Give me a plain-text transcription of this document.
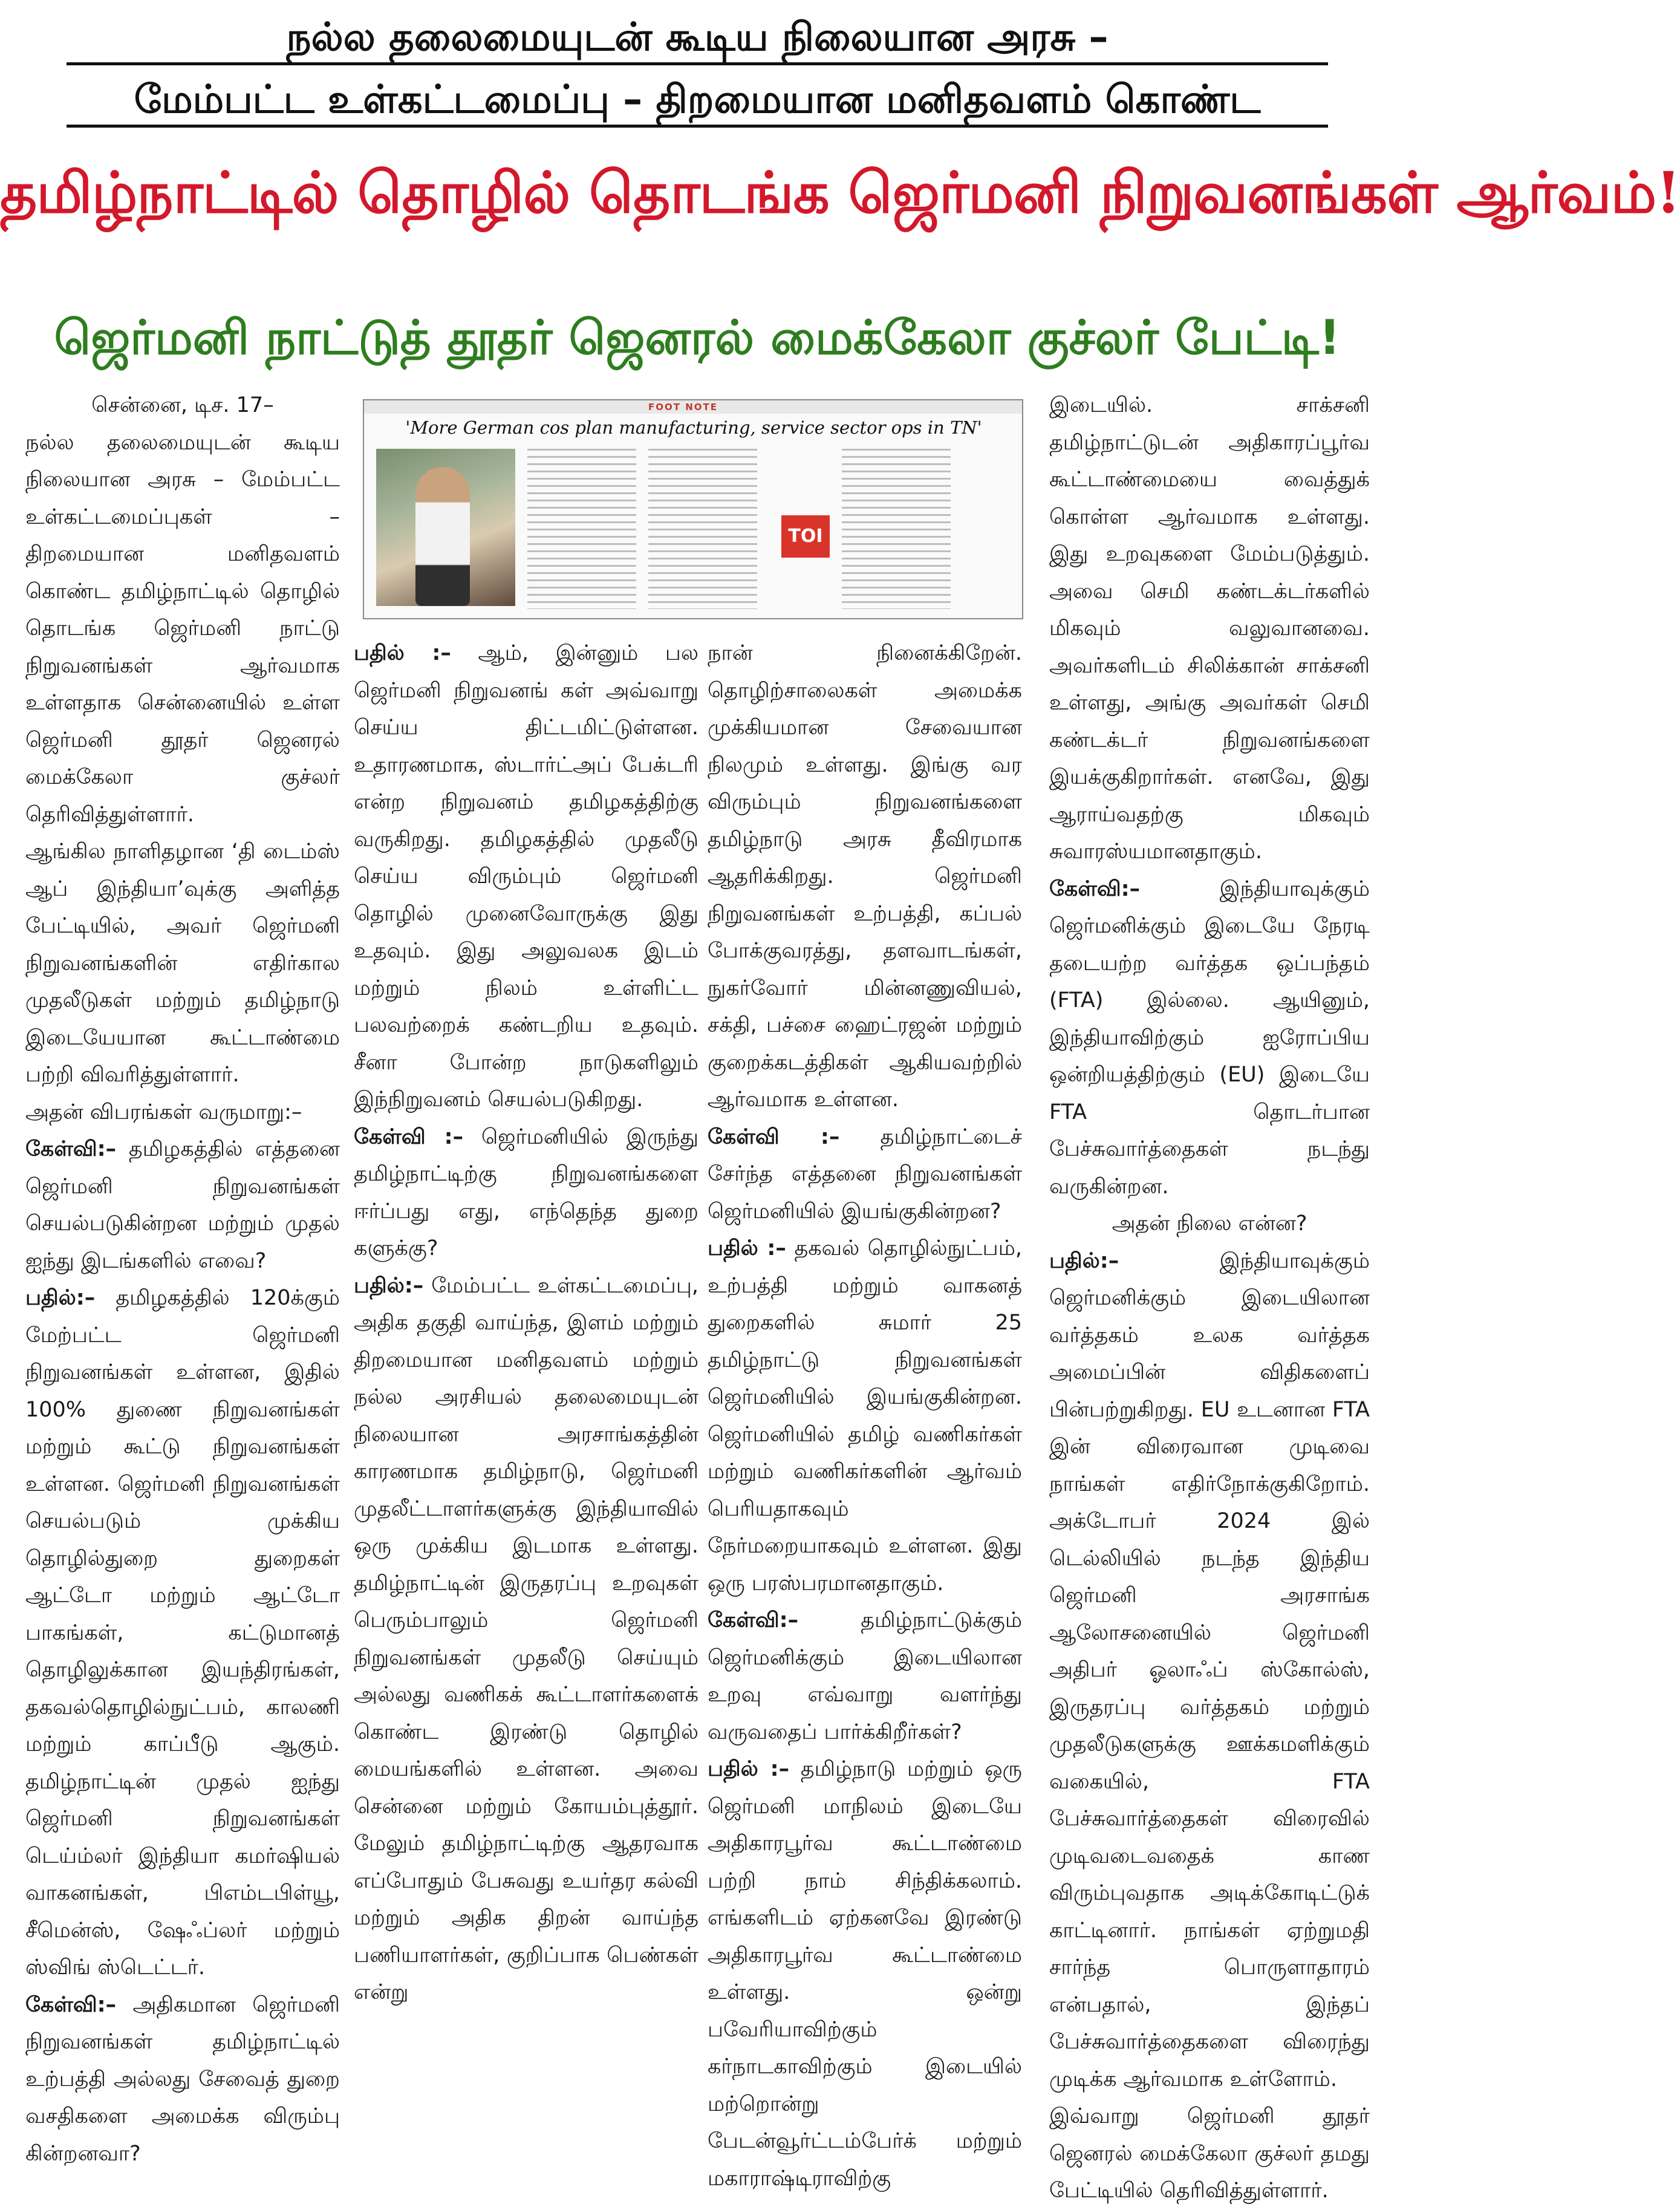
நல்ல தலைமையுடன் கூடிய நிலையான அரசு –
மேம்பட்ட உள்கட்டமைப்பு – திறமையான மனிதவளம் கொண்ட
தமிழ்நாட்டில் தொழில் தொடங்க ஜெர்மனி நிறுவனங்கள் ஆர்வம்!
ஜெர்மனி நாட்டுத் தூதர் ஜெனரல் மைக்கேலா குச்லர் பேட்டி!
FOOT NOTE
'More German cos plan manufacturing, service sector ops in TN'
TOI

சென்னை, டிச. 17–

நல்ல தலைமையுடன் கூடிய நிலையான அரசு – மேம்பட்ட உள்கட்டமைப்புகள் – திறமையான மனிதவளம் கொண்ட தமிழ்நாட்டில் தொழில் தொடங்க ஜெர்மனி நாட்டு நிறுவனங்கள் ஆர்வமாக உள்ளதாக சென்னையில் உள்ள ஜெர்மனி தூதர் ஜெனரல் மைக்கேலா குச்லர் தெரிவித்துள்ளார்.

ஆங்கில நாளிதழான ‘தி டைம்ஸ் ஆப் இந்தியா’வுக்கு அளித்த பேட்டியில், அவர் ஜெர்மனி நிறுவனங்களின் எதிர்கால முதலீடுகள் மற்றும் தமிழ்நாடு இடையேயான கூட்டாண்மை பற்றி விவரித்துள்ளார்.

அதன் விபரங்கள் வருமாறு:–

கேள்வி:– தமிழகத்தில் எத்தனை ஜெர்மனி நிறுவனங்கள் செயல்படுகின்றன மற்றும் முதல் ஐந்து இடங்களில் எவை?

பதில்:– தமிழகத்தில் 120க்கும் மேற்பட்ட ஜெர்மனி நிறுவனங்கள் உள்ளன, இதில் 100% துணை நிறுவனங்கள் மற்றும் கூட்டு நிறுவனங்கள் உள்ளன. ஜெர்மனி நிறுவனங்கள் செயல்படும் முக்கிய தொழில்துறை துறைகள் ஆட்டோ மற்றும் ஆட்டோ பாகங்கள், கட்டுமானத் தொழிலுக்கான இயந்திரங்கள், தகவல்தொழில்நுட்பம், காலணி மற்றும் காப்பீடு ஆகும். தமிழ்நாட்டின் முதல் ஐந்து ஜெர்மனி நிறுவனங்கள் டெய்ம்லர் இந்தியா கமர்ஷியல் வாகனங்கள், பிஎம்டபிள்யூ, சீமென்ஸ், ஷேஃப்லர் மற்றும் ஸ்விங் ஸ்டெட்டர்.

கேள்வி:– அதிகமான ஜெர்மனி நிறுவனங்கள் தமிழ்நாட்டில் உற்பத்தி அல்லது சேவைத் துறை வசதிகளை அமைக்க விரும்பு கின்றனவா?

பதில் :– ஆம், இன்னும் பல ஜெர்மனி நிறுவனங் கள் அவ்வாறு செய்ய திட்டமிட்டுள்ளன. உதாரணமாக, ஸ்டார்ட்அப் பேக்டரி என்ற நிறுவனம் தமிழகத்திற்கு வருகிறது. தமிழகத்தில் முதலீடு செய்ய விரும்பும் ஜெர்மனி தொழில் முனைவோருக்கு இது உதவும். இது அலுவலக இடம் மற்றும் நிலம் உள்ளிட்ட பலவற்றைக் கண்டறிய உதவும். சீனா போன்ற நாடுகளிலும் இந்நிறுவனம் செயல்படுகிறது.

கேள்வி :– ஜெர்மனியில் இருந்து தமிழ்நாட்டிற்கு நிறுவனங்களை ஈர்ப்பது எது, எந்தெந்த துறை களுக்கு?

பதில்:– மேம்பட்ட உள்கட்டமைப்பு, அதிக தகுதி வாய்ந்த, இளம் மற்றும் திறமையான மனிதவளம் மற்றும் நல்ல அரசியல் தலைமையுடன் நிலையான அரசாங்கத்தின் காரணமாக தமிழ்நாடு, ஜெர்மனி முதலீட்டாளர்களுக்கு இந்தியாவில் ஒரு முக்கிய இடமாக உள்ளது. தமிழ்நாட்டின் இருதரப்பு உறவுகள் பெரும்பாலும் ஜெர்மனி நிறுவனங்கள் முதலீடு செய்யும் அல்லது வணிகக் கூட்டாளர்களைக் கொண்ட இரண்டு தொழில் மையங்களில் உள்ளன. அவை சென்னை மற்றும் கோயம்புத்தூர். மேலும் தமிழ்நாட்டிற்கு ஆதரவாக எப்போதும் பேசுவது உயர்தர கல்வி மற்றும் அதிக திறன் வாய்ந்த பணியாளர்கள், குறிப்பாக பெண்கள் என்று

நான் நினைக்கிறேன். தொழிற்சாலைகள் அமைக்க முக்கியமான சேவையான நிலமும் உள்ளது. இங்கு வர விரும்பும் நிறுவனங்களை தமிழ்நாடு அரசு தீவிரமாக ஆதரிக்கிறது. ஜெர்மனி நிறுவனங்கள் உற்பத்தி, கப்பல் போக்குவரத்து, தளவாடங்கள், நுகர்வோர் மின்னணுவியல், சக்தி, பச்சை ஹைட்ரஜன் மற்றும் குறைக்கடத்திகள் ஆகியவற்றில் ஆர்வமாக உள்ளன.

கேள்வி :– தமிழ்நாட்டைச் சேர்ந்த எத்தனை நிறுவனங்கள் ஜெர்மனியில் இயங்குகின்றன?

பதில் :– தகவல் தொழில்நுட்பம், உற்பத்தி மற்றும் வாகனத் துறைகளில் சுமார் 25 தமிழ்நாட்டு நிறுவனங்கள் ஜெர்மனியில் இயங்குகின்றன. ஜெர்மனியில் தமிழ் வணிகர்கள் மற்றும் வணிகர்களின் ஆர்வம் பெரியதாகவும் நேர்மறையாகவும் உள்ளன. இது ஒரு பரஸ்பரமானதாகும்.

கேள்வி:– தமிழ்நாட்டுக்கும் ஜெர்மனிக்கும் இடையிலான உறவு எவ்வாறு வளர்ந்து வருவதைப் பார்க்கிறீர்கள்?

பதில் :– தமிழ்நாடு மற்றும் ஒரு ஜெர்மனி மாநிலம் இடையே அதிகாரபூர்வ கூட்டாண்மை பற்றி நாம் சிந்திக்கலாம். எங்களிடம் ஏற்கனவே இரண்டு அதிகாரபூர்வ கூட்டாண்மை உள்ளது. ஒன்று பவேரியாவிற்கும் கர்நாடகாவிற்கும் இடையில் மற்றொன்று பேடன்வூர்ட்டம்பேர்க் மற்றும் மகாராஷ்டிராவிற்கு

இடையில். சாக்சனி தமிழ்நாட்டுடன் அதிகாரப்பூர்வ கூட்டாண்மையை வைத்துக் கொள்ள ஆர்வமாக உள்ளது. இது உறவுகளை மேம்படுத்தும். அவை செமி கண்டக்டர்களில் மிகவும் வலுவானவை. அவர்களிடம் சிலிக்கான் சாக்சனி உள்ளது, அங்கு அவர்கள் செமி கண்டக்டர் நிறுவனங்களை இயக்குகிறார்கள். எனவே, இது ஆராய்வதற்கு மிகவும் சுவாரஸ்யமானதாகும்.

கேள்வி:– இந்தியாவுக்கும் ஜெர்மனிக்கும் இடையே நேரடி தடையற்ற வர்த்தக ஒப்பந்தம் (FTA) இல்லை. ஆயினும், இந்தியாவிற்கும் ஐரோப்பிய ஒன்றியத்திற்கும் (EU) இடையே FTA தொடர்பான பேச்சுவார்த்தைகள் நடந்து வருகின்றன.

அதன் நிலை என்ன?

பதில்:– இந்தியாவுக்கும் ஜெர்மனிக்கும் இடையிலான வர்த்தகம் உலக வர்த்தக அமைப்பின் விதிகளைப் பின்பற்றுகிறது. EU உடனான FTA இன் விரைவான முடிவை நாங்கள் எதிர்நோக்குகிறோம். அக்டோபர் 2024 இல் டெல்லியில் நடந்த இந்திய ஜெர்மனி அரசாங்க ஆலோசனையில் ஜெர்மனி அதிபர் ஓலாஃப் ஸ்கோல்ஸ், இருதரப்பு வர்த்தகம் மற்றும் முதலீடுகளுக்கு ஊக்கமளிக்கும் வகையில், FTA பேச்சுவார்த்தைகள் விரைவில் முடிவடைவதைக் காண விரும்புவதாக அடிக்கோடிட்டுக் காட்டினார். நாங்கள் ஏற்றுமதி சார்ந்த பொருளாதாரம் என்பதால், இந்தப் பேச்சுவார்த்தைகளை விரைந்து முடிக்க ஆர்வமாக உள்ளோம்.

இவ்வாறு ஜெர்மனி தூதர் ஜெனரல் மைக்கேலா குச்லர் தமது பேட்டியில் தெரிவித்துள்ளார்.
